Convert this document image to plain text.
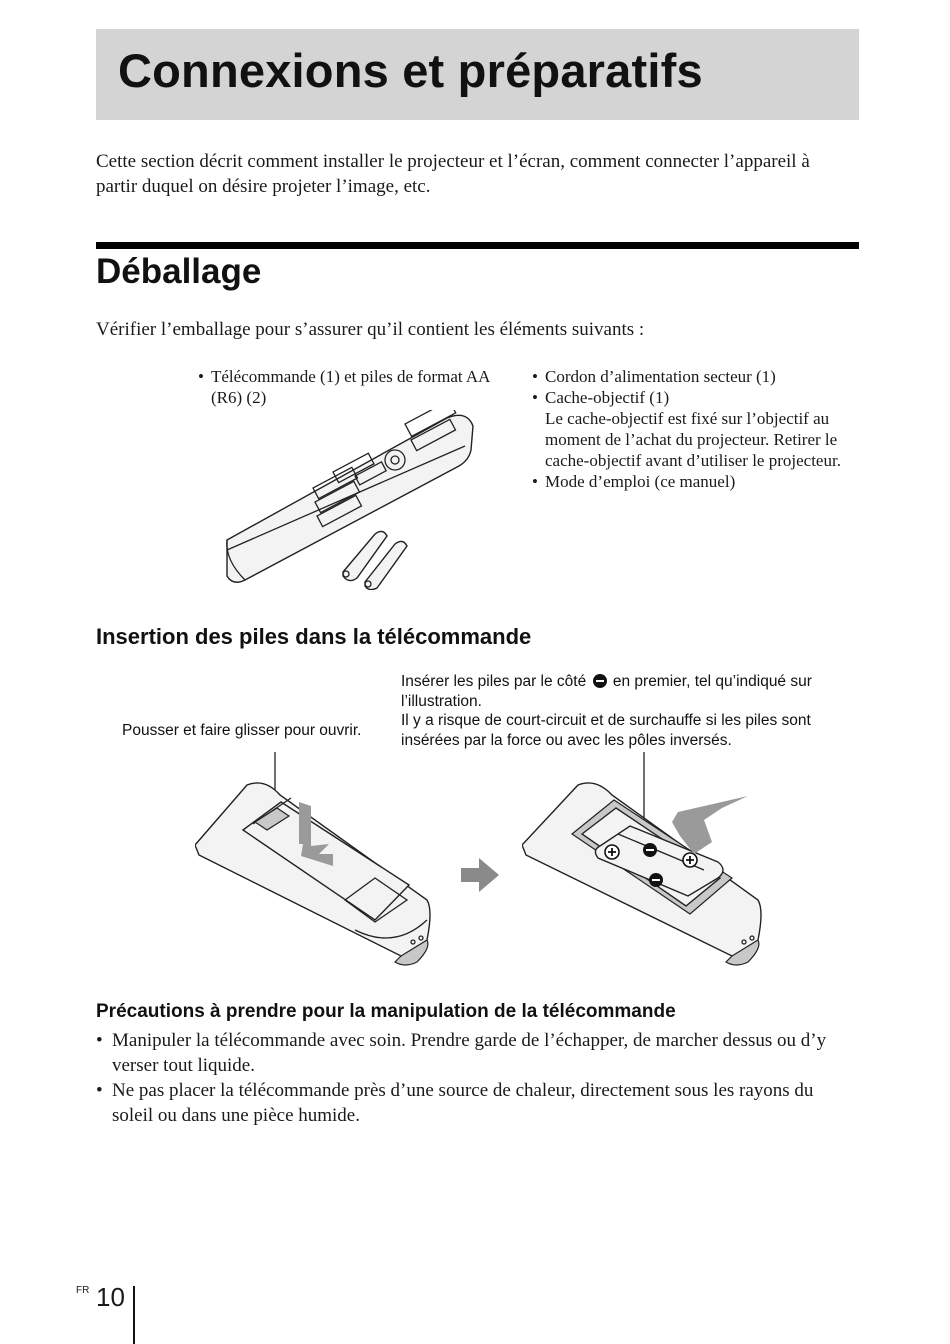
Connexions et préparatifs

Cette section décrit comment installer le projecteur et l’écran, comment connecter l’appareil à partir duquel on désire projeter l’image, etc.

Déballage

Vérifier l’emballage pour s’assurer qu’il contient les éléments suivants :

• Télécommande (1) et piles de format AA (R6) (2)
• Cordon d’alimentation secteur (1)
• Cache-objectif (1)
Le cache-objectif est fixé sur l’objectif au moment de l’achat du projecteur. Retirer le cache-objectif avant d’utiliser le projecteur.
• Mode d’emploi (ce manuel)
Insertion des piles dans la télécommande

Pousser et faire glisser pour ouvrir.

Insérer les piles par le côté en premier, tel qu’indiqué sur l’illustration.
Il y a risque de court-circuit et de surchauffe si les piles sont insérées par la force ou avec les pôles inversés.

Précautions à prendre pour la manipulation de la télécommande
• Manipuler la télécommande avec soin. Prendre garde de l’échapper, de marcher dessus ou d’y verser tout liquide.
• Ne pas placer la télécommande près d’une source de chaleur, directement sous les rayons du soleil ou dans une pièce humide.
FR 10
